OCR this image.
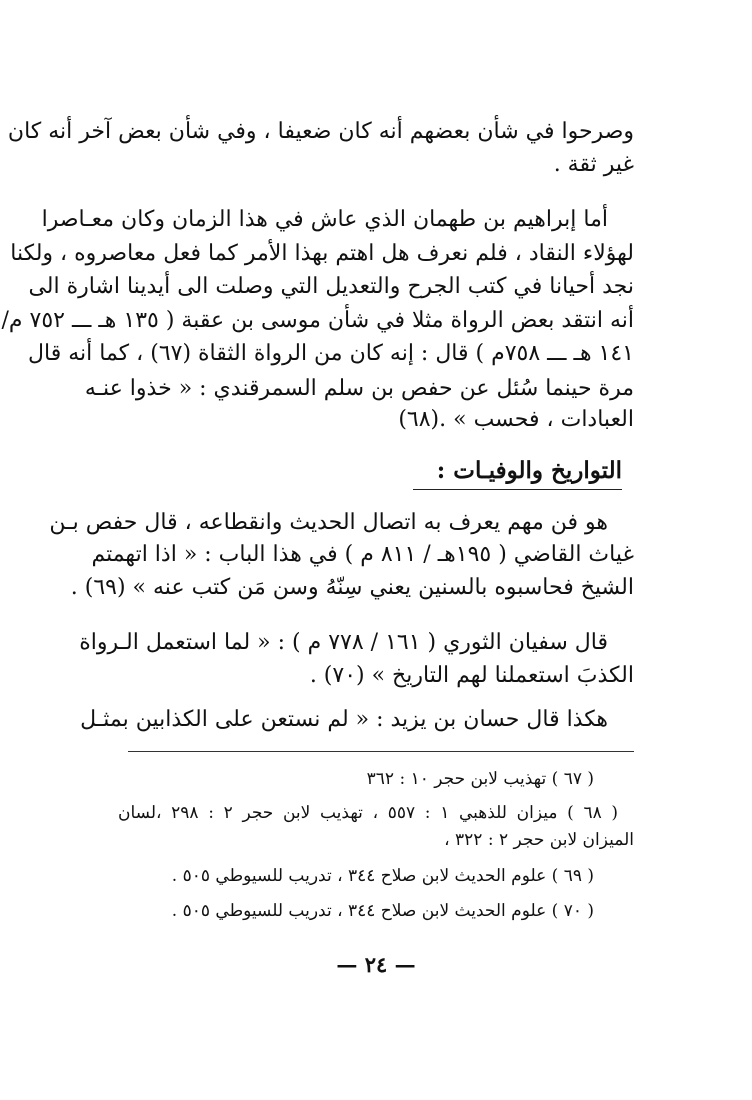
وصرحوا في شأن بعضهم أنه كان ضعيفا ، وفي شأن بعض آخر أنه كان
غير ثقة .
أما إبراهيم بن طهمان الذي عاش في هذا الزمان وكان معـاصرا
لهؤلاء النقاد ، فلم نعرف هل اهتم بهذا الأمر كما فعل معاصروه ، ولكنا
نجد أحيانا في كتب الجرح والتعديل التي وصلت الى أيدينا اشارة الى
أنه انتقد بعض الرواة مثلا في شأن موسى بن عقبة ( ١٣٥ هـ ـــ ٧٥٢ م/
١٤١ هـ ـــ ٧٥٨م ) قال : إنه كان من الرواة الثقاة (٦٧) ، كما أنه قال
مرة حينما سُئل عن حفص بن سلم السمرقندي : « خذوا عنـه
العبادات ، فحسب » .(٦٨)
التواريخ والوفيـات :
هو فن مهم يعرف به اتصال الحديث وانقطاعه ، قال حفص بـن
غياث القاضي ( ١٩٥هـ / ٨١١ م ) في هذا الباب : « اذا اتهمتم
الشيخ فحاسبوه بالسنين يعني سِنّهُ وسن مَن كتب عنه » (٦٩) .
قال سفيان الثوري ( ١٦١ / ٧٧٨ م ) : « لما استعمل الـرواة
الكذبَ استعملنا لهم التاريخ » (٧٠) .
هكذا قال حسان بن يزيد : « لم نستعن على الكذابين بمثـل
( ٦٧ ) تهذيب لابن حجر ١٠ : ٣٦٢
( ٦٨ ) ميزان للذهبي ١ : ٥٥٧ ، تهذيب لابن حجر ٢ : ٢٩٨ ،لسان
الميزان لابن حجر ٢ : ٣٢٢ ،
( ٦٩ ) علوم الحديث لابن صلاح ٣٤٤ ، تدريب للسيوطي ٥٠٥ .
( ٧٠ ) علوم الحديث لابن صلاح ٣٤٤ ، تدريب للسيوطي ٥٠٥ .
— ٢٤ —
